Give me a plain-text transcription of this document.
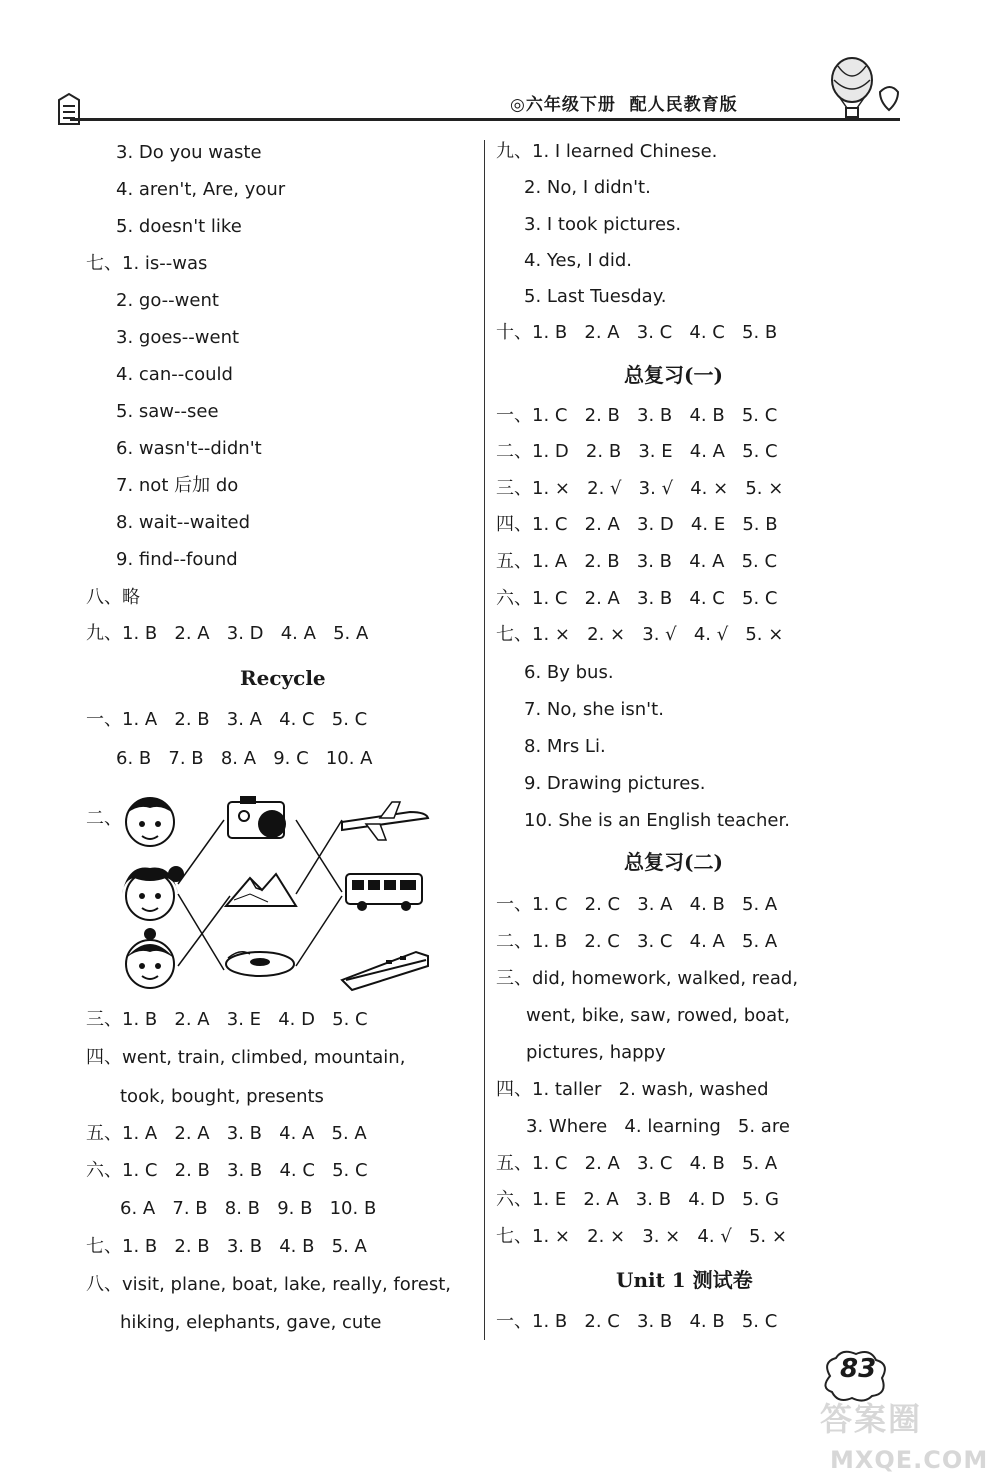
◎六年级下册  配人民教育版
3. Do you waste
4. aren't, Are, your
5. doesn't like
七、1. is--was
2. go--went
3. goes--went
4. can--could
5. saw--see
6. wasn't--didn't
7. not 后加 do
8. wait--waited
9. find--found
八、略
九、1. B   2. A   3. D   4. A   5. A
Recycle
一、1. A   2. B   3. A   4. C   5. C
6. B   7. B   8. A   9. C   10. A
二、
三、1. B   2. A   3. E   4. D   5. C
四、went, train, climbed, mountain,
took, bought, presents
五、1. A   2. A   3. B   4. A   5. A
六、1. C   2. B   3. B   4. C   5. C
6. A   7. B   8. B   9. B   10. B
七、1. B   2. B   3. B   4. B   5. A
八、visit, plane, boat, lake, really, forest,
hiking, elephants, gave, cute
九、1. I learned Chinese.
2. No, I didn't.
3. I took pictures.
4. Yes, I did.
5. Last Tuesday.
十、1. B   2. A   3. C   4. C   5. B
总复习(一)
一、1. C   2. B   3. B   4. B   5. C
二、1. D   2. B   3. E   4. A   5. C
三、1. ×   2. √   3. √   4. ×   5. ×
四、1. C   2. A   3. D   4. E   5. B
五、1. A   2. B   3. B   4. A   5. C
六、1. C   2. A   3. B   4. C   5. C
七、1. ×   2. ×   3. √   4. √   5. ×
6. By bus.
7. No, she isn't.
8. Mrs Li.
9. Drawing pictures.
10. She is an English teacher.
总复习(二)
一、1. C   2. C   3. A   4. B   5. A
二、1. B   2. C   3. C   4. A   5. A
三、did, homework, walked, read,
went, bike, saw, rowed, boat,
pictures, happy
四、1. taller   2. wash, washed
3. Where   4. learning   5. are
五、1. C   2. A   3. C   4. B   5. A
六、1. E   2. A   3. B   4. D   5. G
七、1. ×   2. ×   3. ×   4. √   5. ×
Unit 1 测试卷
一、1. B   2. C   3. B   4. B   5. C
83
答案圈
MXQE.COM
